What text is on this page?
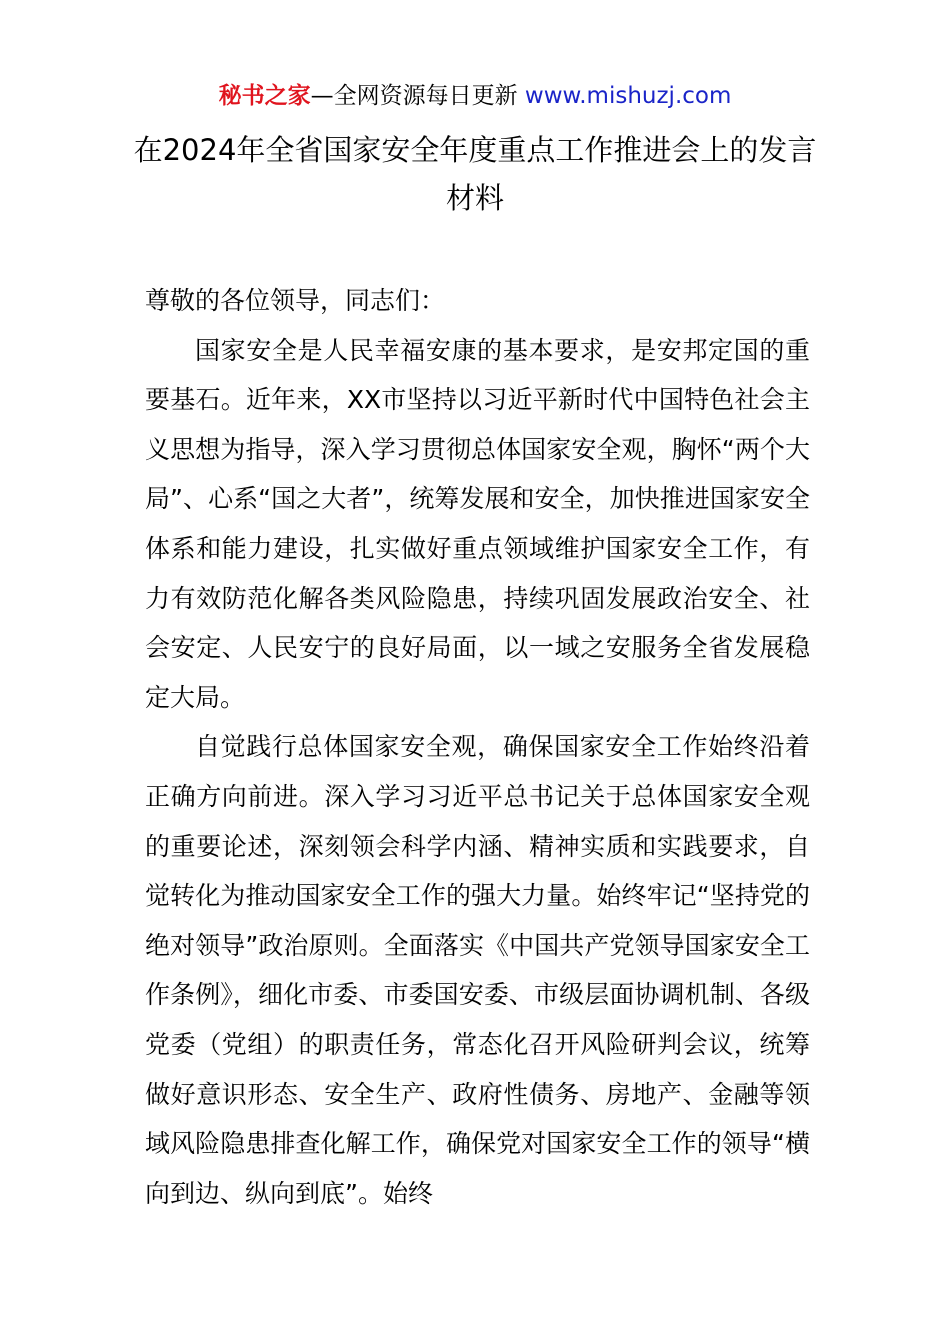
秘书之家—全网资源每日更新 www.mishuzj.com
在2024年全省国家安全年度重点工作推进会上的发言材料

尊敬的各位领导，同志们：

国家安全是人民幸福安康的基本要求，是安邦定国的重要基石。近年来，XX市坚持以习近平新时代中国特色社会主义思想为指导，深入学习贯彻总体国家安全观，胸怀“两个大局”、心系“国之大者”，统筹发展和安全，加快推进国家安全体系和能力建设，扎实做好重点领域维护国家安全工作，有力有效防范化解各类风险隐患，持续巩固发展政治安全、社会安定、人民安宁的良好局面，以一域之安服务全省发展稳定大局。

自觉践行总体国家安全观，确保国家安全工作始终沿着正确方向前进。深入学习习近平总书记关于总体国家安全观的重要论述，深刻领会科学内涵、精神实质和实践要求，自觉转化为推动国家安全工作的强大力量。始终牢记“坚持党的绝对领导”政治原则。全面落实《中国共产党领导国家安全工作条例》，细化市委、市委国安委、市级层面协调机制、各级党委（党组）的职责任务，常态化召开风险研判会议，统筹做好意识形态、安全生产、政府性债务、房地产、金融等领域风险隐患排查化解工作，确保党对国家安全工作的领导“横向到边、纵向到底”。始终
